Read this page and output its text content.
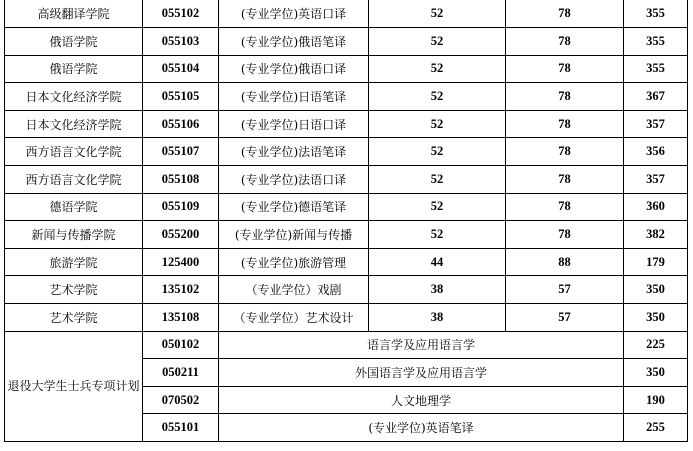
高级翻译学院	055102	(专业学位)英语口译	52	78	355
俄语学院	055103	(专业学位)俄语笔译	52	78	355
俄语学院	055104	(专业学位)俄语口译	52	78	355
日本文化经济学院	055105	(专业学位)日语笔译	52	78	367
日本文化经济学院	055106	(专业学位)日语口译	52	78	357
西方语言文化学院	055107	(专业学位)法语笔译	52	78	356
西方语言文化学院	055108	(专业学位)法语口译	52	78	357
德语学院	055109	(专业学位)德语笔译	52	78	360
新闻与传播学院	055200	(专业学位)新闻与传播	52	78	382
旅游学院	125400	(专业学位)旅游管理	44	88	179
艺术学院	135102	（专业学位）戏剧	38	57	350
艺术学院	135108	（专业学位）艺术设计	38	57	350
退役大学生士兵专项计划	050102	语言学及应用语言学			225
	050211	外国语言学及应用语言学			350
	070502	人文地理学			190
	055101	(专业学位)英语笔译			255
